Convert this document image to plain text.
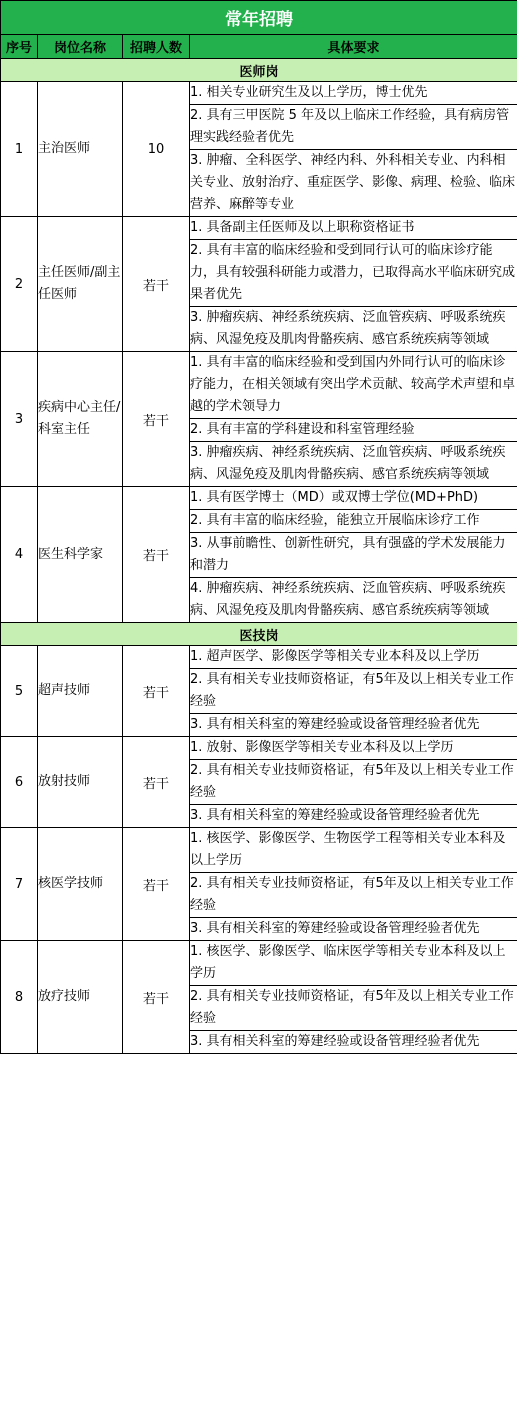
常年招聘			
序号	岗位名称	招聘人数	具体要求
医师岗			
1	主治医师	10	1. 相关专业研究生及以上学历，博士优先
			2. 具有三甲医院 5 年及以上临床工作经验，具有病房管理实践经验者优先
			3. 肿瘤、全科医学、神经内科、外科相关专业、内科相关专业、放射治疗、重症医学、影像、病理、检验、临床营养、麻醉等专业
2	主任医师/副主任医师	若干	1. 具备副主任医师及以上职称资格证书
			2. 具有丰富的临床经验和受到同行认可的临床诊疗能力，具有较强科研能力或潜力，已取得高水平临床研究成果者优先
			3. 肿瘤疾病、神经系统疾病、泛血管疾病、呼吸系统疾病、风湿免疫及肌肉骨骼疾病、感官系统疾病等领域
3	疾病中心主任/ 科室主任	若干	1. 具有丰富的临床经验和受到国内外同行认可的临床诊疗能力，在相关领域有突出学术贡献、较高学术声望和卓越的学术领导力
			2. 具有丰富的学科建设和科室管理经验
			3. 肿瘤疾病、神经系统疾病、泛血管疾病、呼吸系统疾病、风湿免疫及肌肉骨骼疾病、感官系统疾病等领域
4	医生科学家	若干	1. 具有医学博士（MD）或双博士学位(MD+PhD)
			2. 具有丰富的临床经验，能独立开展临床诊疗工作
			3. 从事前瞻性、创新性研究，具有强盛的学术发展能力和潜力
			4. 肿瘤疾病、神经系统疾病、泛血管疾病、呼吸系统疾病、风湿免疫及肌肉骨骼疾病、感官系统疾病等领域
医技岗			
5	超声技师	若干	1. 超声医学、影像医学等相关专业本科及以上学历
			2. 具有相关专业技师资格证，有5年及以上相关专业工作经验
			3. 具有相关科室的筹建经验或设备管理经验者优先
6	放射技师	若干	1. 放射、影像医学等相关专业本科及以上学历
			2. 具有相关专业技师资格证，有5年及以上相关专业工作经验
			3. 具有相关科室的筹建经验或设备管理经验者优先
7	核医学技师	若干	1. 核医学、影像医学、生物医学工程等相关专业本科及以上学历
			2. 具有相关专业技师资格证，有5年及以上相关专业工作经验
			3. 具有相关科室的筹建经验或设备管理经验者优先
8	放疗技师	若干	1. 核医学、影像医学、临床医学等相关专业本科及以上学历
			2. 具有相关专业技师资格证，有5年及以上相关专业工作经验
			3. 具有相关科室的筹建经验或设备管理经验者优先
